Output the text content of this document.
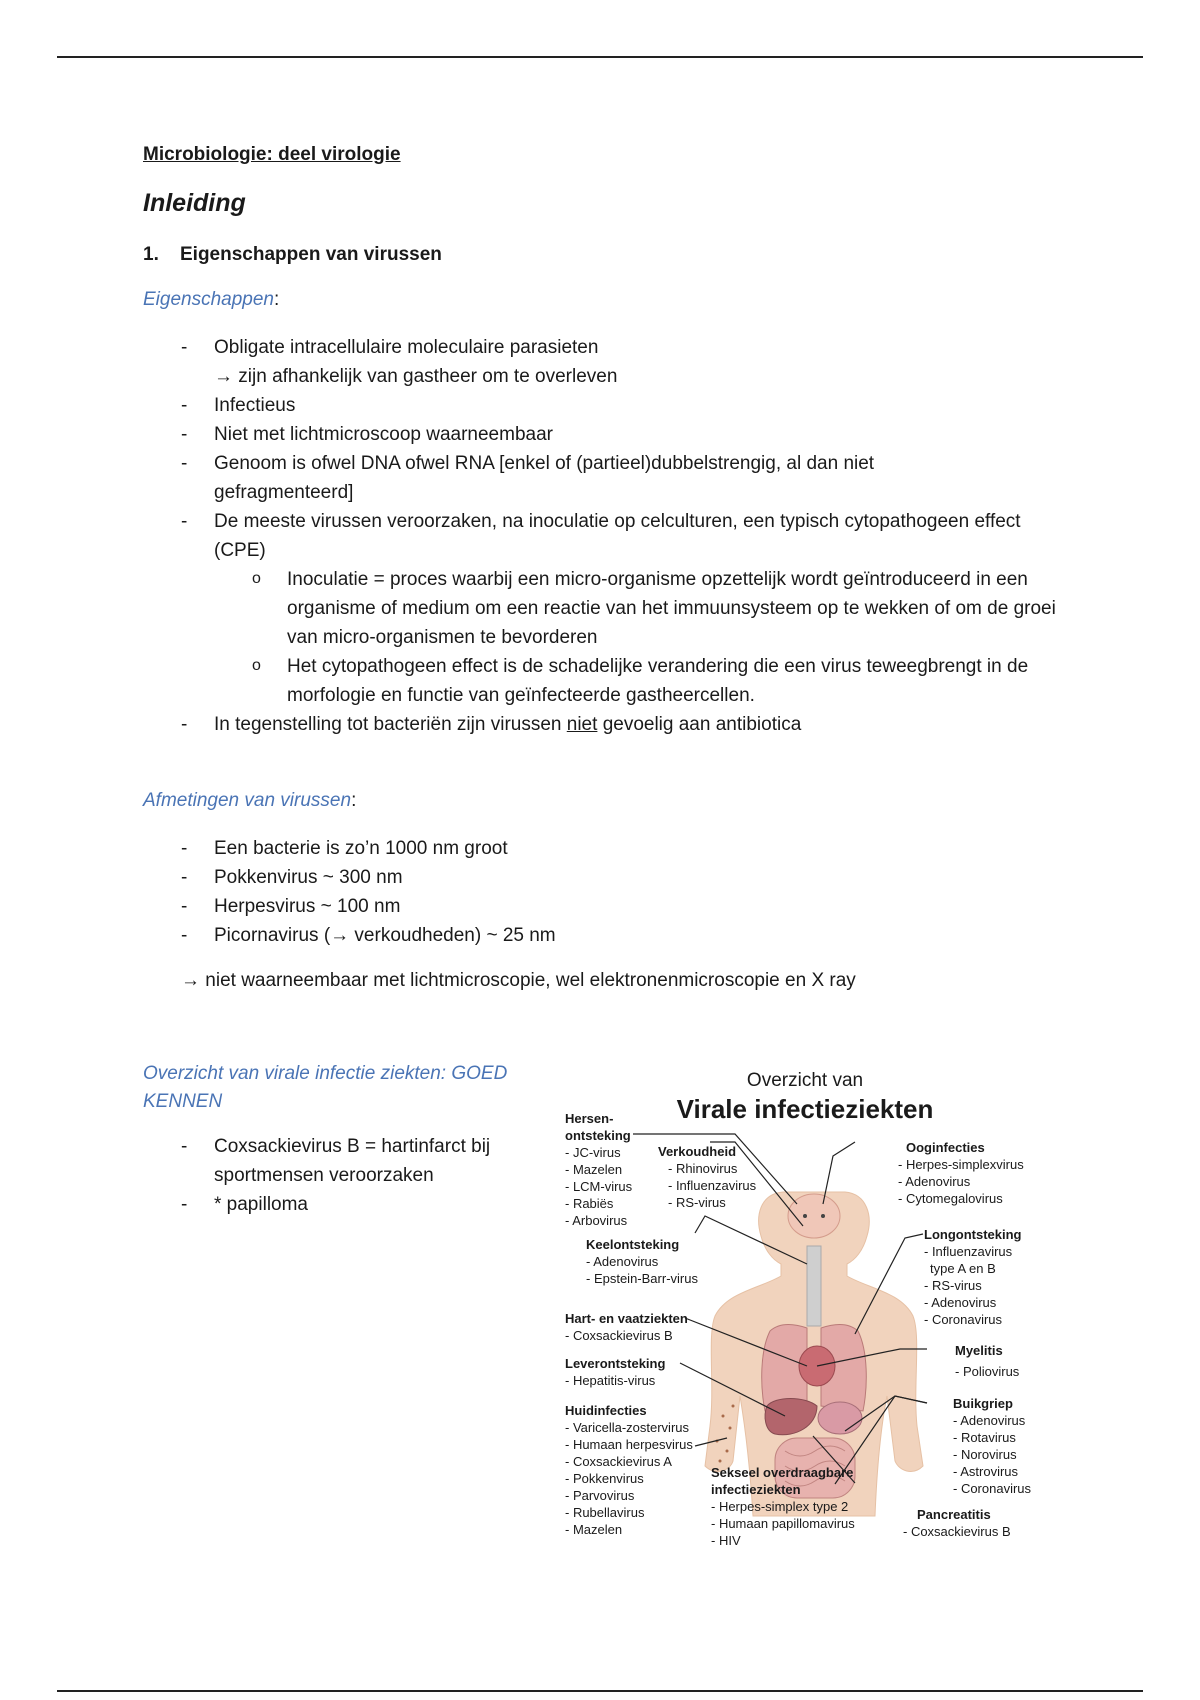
Microbiologie: deel virologie
Inleiding
1. Eigenschappen van virussen
Eigenschappen:
- Obligate intracellulaire moleculaire parasieten
→ zijn afhankelijk van gastheer om te overleven
- Infectieus
- Niet met lichtmicroscoop waarneembaar
- Genoom is ofwel DNA ofwel RNA [enkel of (partieel)dubbelstrengig, al dan niet gefragmenteerd]
- De meeste virussen veroorzaken, na inoculatie op celculturen, een typisch cytopathogeen effect (CPE)
o Inoculatie = proces waarbij een micro-organisme opzettelijk wordt geïntroduceerd in een organisme of medium om een reactie van het immuunsysteem op te wekken of om de groei van micro-organismen te bevorderen
o Het cytopathogeen effect is de schadelijke verandering die een virus teweegbrengt in de morfologie en functie van geïnfecteerde gastheercellen.
- In tegenstelling tot bacteriën zijn virussen niet gevoelig aan antibiotica
Afmetingen van virussen:
- Een bacterie is zo’n 1000 nm groot
- Pokkenvirus ~ 300 nm
- Herpesvirus ~ 100 nm
- Picornavirus (→ verkoudheden) ~ 25 nm
→ niet waarneembaar met lichtmicroscopie, wel elektronenmicroscopie en X ray
Overzicht van virale infectie ziekten: GOED
KENNEN
- Coxsackievirus B = hartinfarct bij sportmensen veroorzaken
- * papilloma
Overzicht van
Virale infectieziekten
Hersen-
ontsteking
- JC-virus
- Mazelen
- LCM-virus
- Rabiës
- Arbovirus
Verkoudheid
- Rhinovirus
- Influenzavirus
- RS-virus
Ooginfecties
- Herpes-simplexvirus
- Adenovirus
- Cytomegalovirus
Keelontsteking
- Adenovirus
- Epstein-Barr-virus
Longontsteking
- Influenzavirus
type A en B
- RS-virus
- Adenovirus
- Coronavirus
Hart- en vaatziekten
- Coxsackievirus B
Myelitis
- Poliovirus
Leverontsteking
- Hepatitis-virus
Buikgriep
- Adenovirus
- Rotavirus
- Norovirus
- Astrovirus
- Coronavirus
Huidinfecties
- Varicella-zostervirus
- Humaan herpesvirus
- Coxsackievirus A
- Pokkenvirus
- Parvovirus
- Rubellavirus
- Mazelen
Sekseel overdraagbare
infectieziekten
- Herpes-simplex type 2
- Humaan papillomavirus
- HIV
Pancreatitis
- Coxsackievirus B
